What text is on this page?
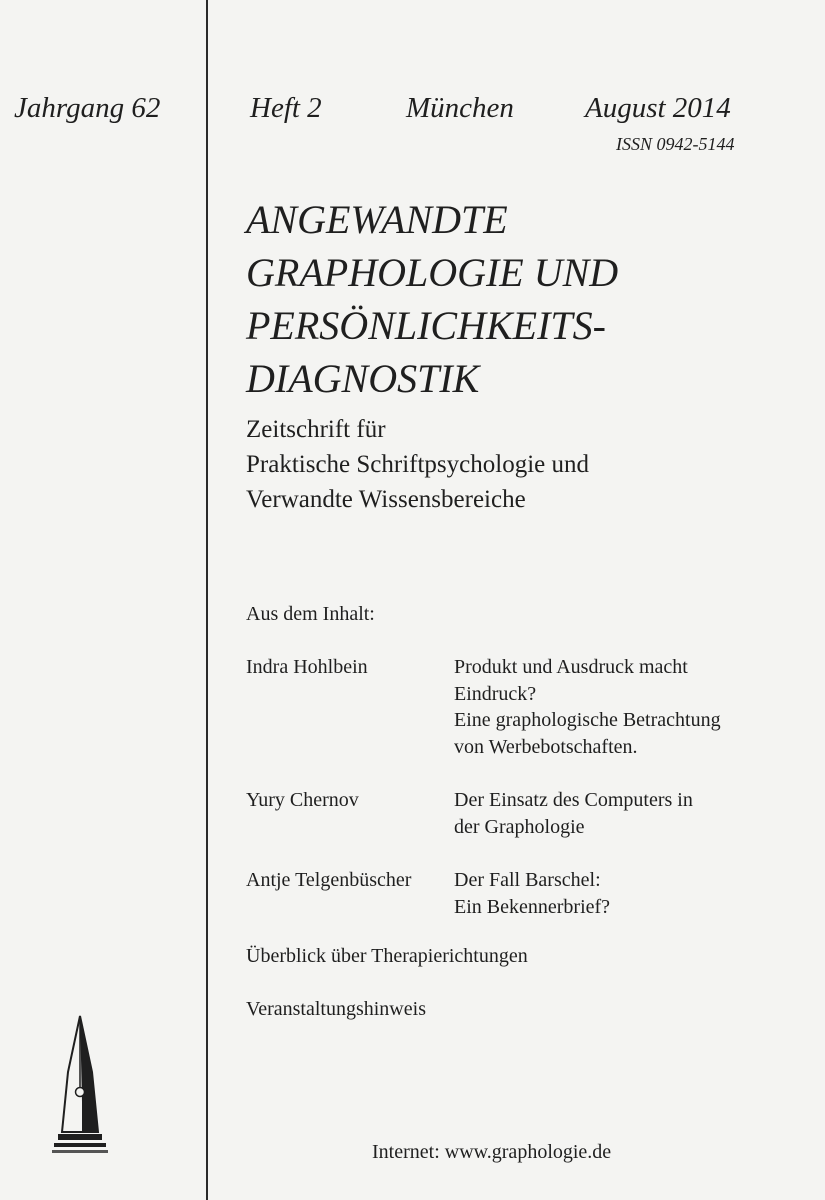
Jahrgang 62	Heft 2	München August 2014
ISSN 0942-5144
ANGEWANDTE
GRAPHOLOGIE UND
PERSÖNLICHKEITS-
DIAGNOSTIK
Zeitschrift für
Praktische Schriftpsychologie und
Verwandte Wissensbereiche
Aus dem Inhalt:
Indra Hohlbein	Produkt und Ausdruck macht
Eindruck?
Eine graphologische Betrachtung
von Werbebotschaften.
Yury Chernov	Der Einsatz des Computers in
der Graphologie
Antje Telgenbüscher Der Fall Barschel:
Ein Bekennerbrief?
Überblick über Therapierichtungen
Veranstaltungshinweis
Internet: www.graphologie.de
